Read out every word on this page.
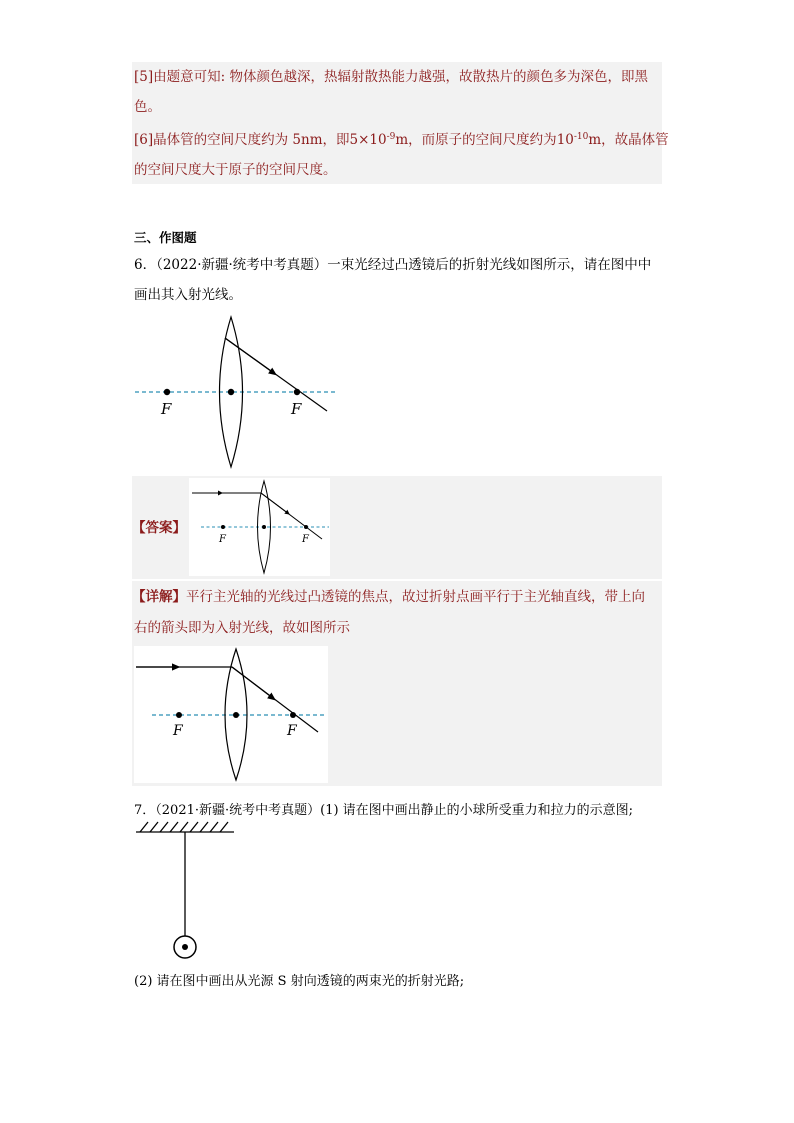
[5]由题意可知: 物体颜色越深，热辐射散热能力越强，故散热片的颜色多为深色，即黑
色。
[6]晶体管的空间尺度约为 5nm，即$5\times 10^{-9}m$，而原子的空间尺度约为$10^{-10}m$，故晶体管
的空间尺度大于原子的空间尺度。
三、作图题
6．（2022·新疆·统考中考真题）一束光经过凸透镜后的折射光线如图所示，请在图中中
画出其入射光线。
F	F
【答案】
F	F
【详解】平行主光轴的光线过凸透镜的焦点，故过折射点画平行于主光轴直线，带上向
右的箭头即为入射光线，故如图所示
F	F
7．（2021·新疆·统考中考真题）(1) 请在图中画出静止的小球所受重力和拉力的示意图;
(2) 请在图中画出从光源 S 射向透镜的两束光的折射光路;
